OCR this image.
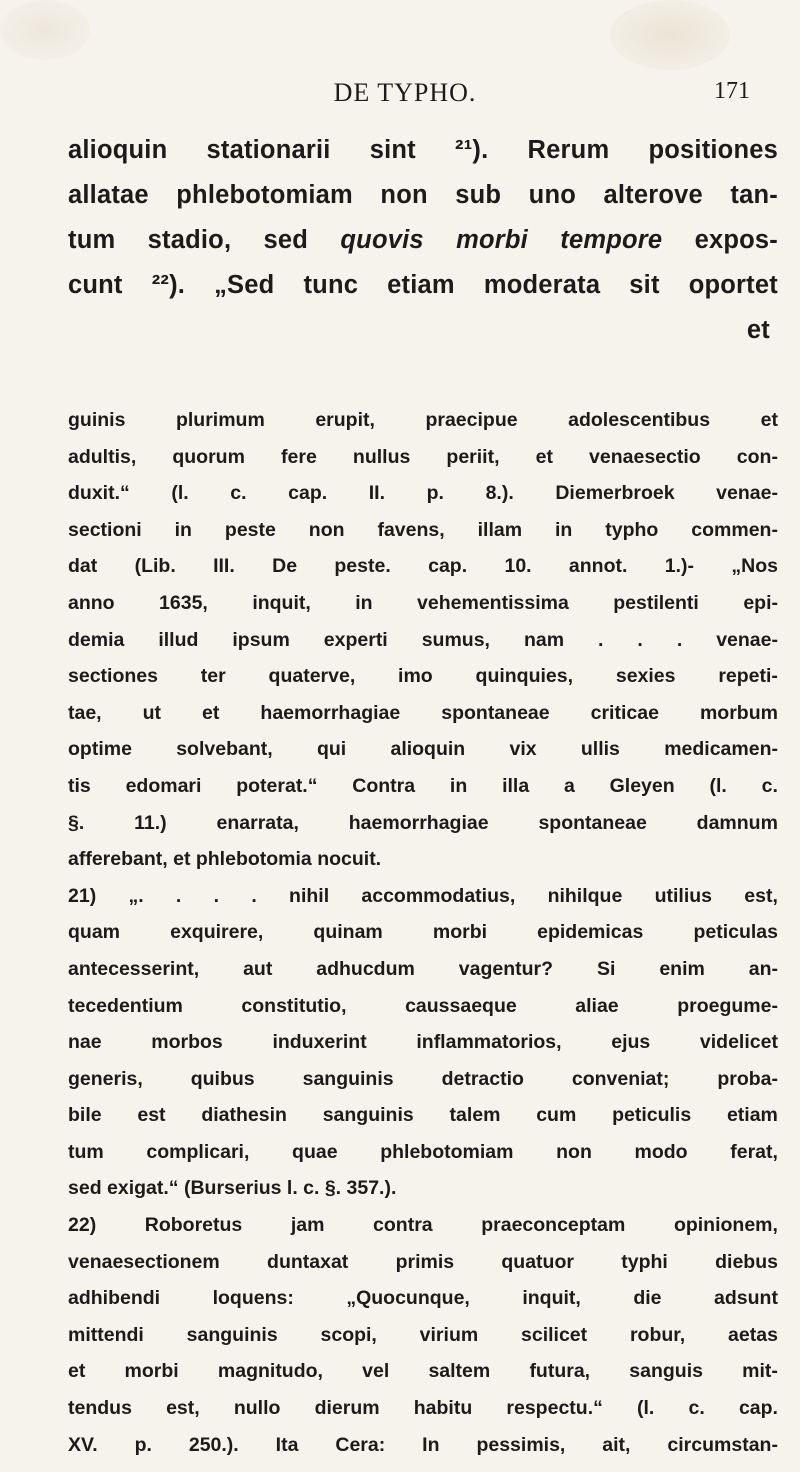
DE TYPHO.	171
alioquin stationarii sint ²¹). Rerum positiones
allatae phlebotomiam non sub uno alterove tan-
tum stadio, sed quovis morbi tempore expos-
cunt ²²). „Sed tunc etiam moderata sit oportet
et
guinis	plurimum	erupit,	praecipue	adolescentibus	et
adultis, quorum fere nullus periit, et venaesectio con-
duxit.“ (l. c. cap. II. p. 8.). Diemerbroek venae-
sectioni in peste non favens, illam in typho commen-
dat (Lib. III. De peste. cap. 10. annot. 1.)- „Nos
anno 1635, inquit, in vehementissima pestilenti epi-
demia illud ipsum experti sumus, nam . . . venae-
sectiones ter quaterve, imo quinquies, sexies repeti-
tae, ut et haemorrhagiae spontaneae criticae morbum
optime solvebant, qui alioquin vix ullis medicamen-
tis edomari poterat.“ Contra in illa a Gleyen (l. c.
§.	11.)	enarrata,	haemorrhagiae	spontaneae	damnum
afferebant, et phlebotomia nocuit.
21) „. . . . nihil accommodatius, nihilque utilius est,
quam	exquirere,	quinam	morbi	epidemicas	peticulas
antecesserint, aut adhucdum vagentur? Si enim an-
tecedentium	constitutio,	caussaeque	aliae	proegume-
nae	morbos	induxerint	inflammatorios,	ejus	videlicet
generis, quibus sanguinis detractio conveniat; proba-
bile est diathesin sanguinis talem cum peticulis etiam
tum complicari, quae phlebotomiam non modo ferat,
sed exigat.“ (Burserius l. c. §. 357.).
22) Roboretus jam contra praeconceptam opinionem,
venaesectionem duntaxat primis quatuor typhi diebus
adhibendi	loquens:	„Quocunque,	inquit,	die	adsunt
mittendi sanguinis scopi, virium scilicet robur, aetas
et morbi magnitudo, vel saltem futura, sanguis mit-
tendus est, nullo dierum habitu respectu.“ (l. c. cap.
XV. p. 250.). Ita Cera: In pessimis, ait, circumstan-
